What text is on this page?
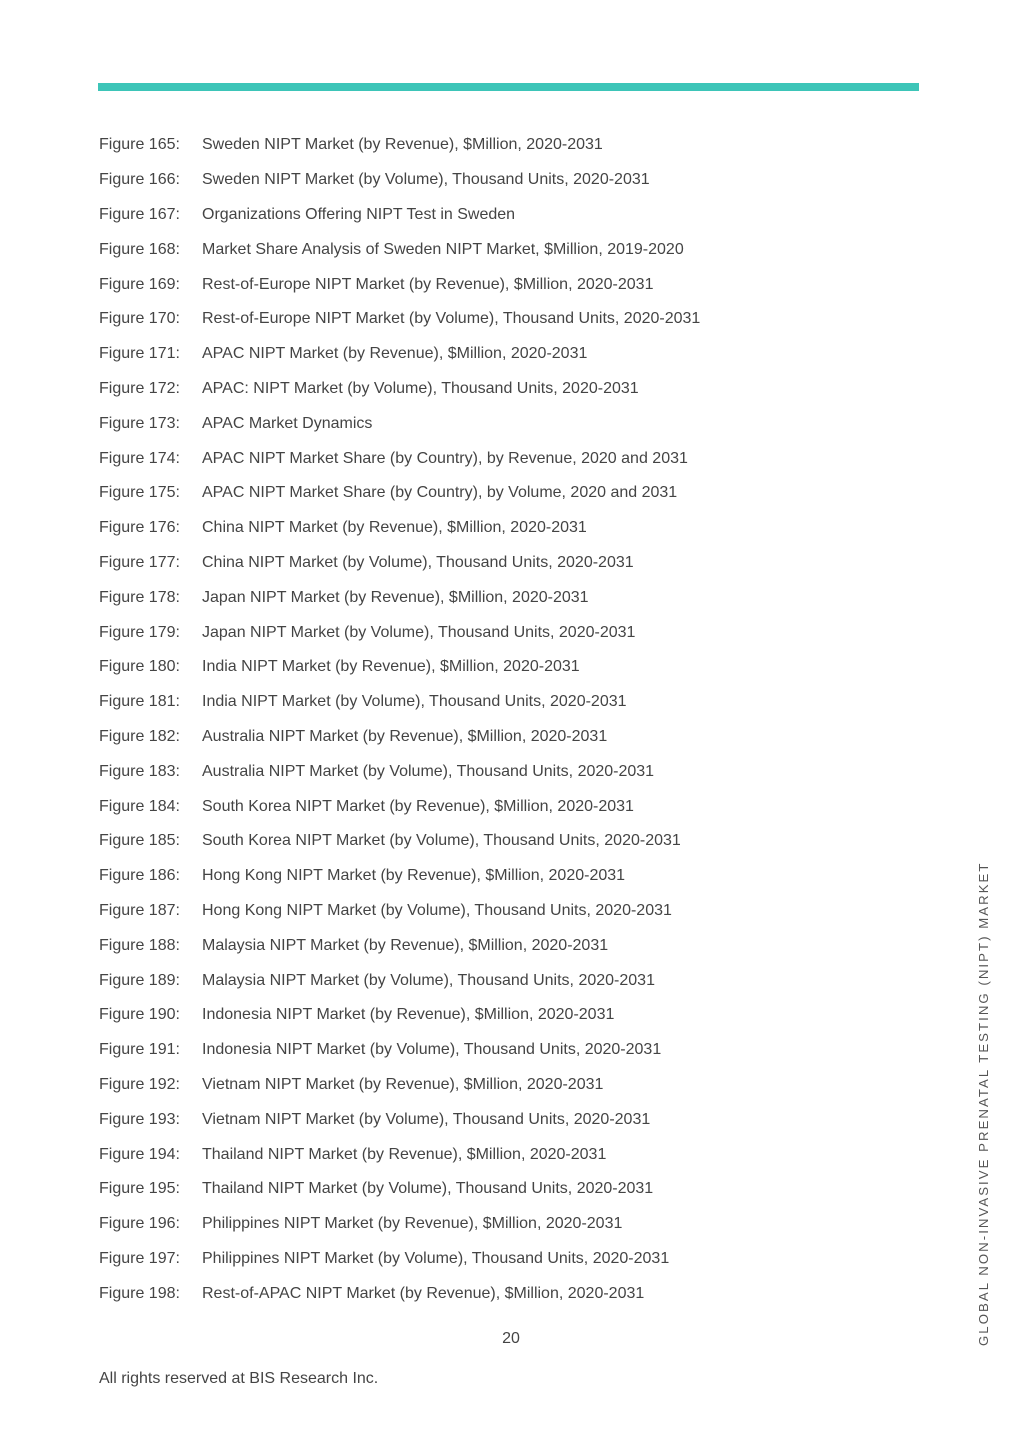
Figure 165:	Sweden NIPT Market (by Revenue), $Million, 2020-2031
Figure 166:	Sweden NIPT Market (by Volume), Thousand Units, 2020-2031
Figure 167:	Organizations Offering NIPT Test in Sweden
Figure 168:	Market Share Analysis of Sweden NIPT Market, $Million, 2019-2020
Figure 169:	Rest-of-Europe NIPT Market (by Revenue), $Million, 2020-2031
Figure 170:	Rest-of-Europe NIPT Market (by Volume), Thousand Units, 2020-2031
Figure 171:	APAC NIPT Market (by Revenue), $Million, 2020-2031
Figure 172:	APAC: NIPT Market (by Volume), Thousand Units, 2020-2031
Figure 173:	APAC Market Dynamics
Figure 174:	APAC NIPT Market Share (by Country), by Revenue, 2020 and 2031
Figure 175:	APAC NIPT Market Share (by Country), by Volume, 2020 and 2031
Figure 176:	China NIPT Market (by Revenue), $Million, 2020-2031
Figure 177:	China NIPT Market (by Volume), Thousand Units, 2020-2031
Figure 178:	Japan NIPT Market (by Revenue), $Million, 2020-2031
Figure 179:	Japan NIPT Market (by Volume), Thousand Units, 2020-2031
Figure 180:	India NIPT Market (by Revenue), $Million, 2020-2031
Figure 181:	India NIPT Market (by Volume), Thousand Units, 2020-2031
Figure 182:	Australia NIPT Market (by Revenue), $Million, 2020-2031
Figure 183:	Australia NIPT Market (by Volume), Thousand Units, 2020-2031
Figure 184:	South Korea NIPT Market (by Revenue), $Million, 2020-2031
Figure 185:	South Korea NIPT Market (by Volume), Thousand Units, 2020-2031
Figure 186:	Hong Kong NIPT Market (by Revenue), $Million, 2020-2031
Figure 187:	Hong Kong NIPT Market (by Volume), Thousand Units, 2020-2031
Figure 188:	Malaysia NIPT Market (by Revenue), $Million, 2020-2031
Figure 189:	Malaysia NIPT Market (by Volume), Thousand Units, 2020-2031
Figure 190:	Indonesia NIPT Market (by Revenue), $Million, 2020-2031
Figure 191:	Indonesia NIPT Market (by Volume), Thousand Units, 2020-2031
Figure 192:	Vietnam NIPT Market (by Revenue), $Million, 2020-2031
Figure 193:	Vietnam NIPT Market (by Volume), Thousand Units, 2020-2031
Figure 194:	Thailand NIPT Market (by Revenue), $Million, 2020-2031
Figure 195:	Thailand NIPT Market (by Volume), Thousand Units, 2020-2031
Figure 196:	Philippines NIPT Market (by Revenue), $Million, 2020-2031
Figure 197:	Philippines NIPT Market (by Volume), Thousand Units, 2020-2031
Figure 198:	Rest-of-APAC NIPT Market (by Revenue), $Million, 2020-2031
20
All rights reserved at BIS Research Inc.
GLOBAL NON-INVASIVE PRENATAL TESTING (NIPT) MARKET
